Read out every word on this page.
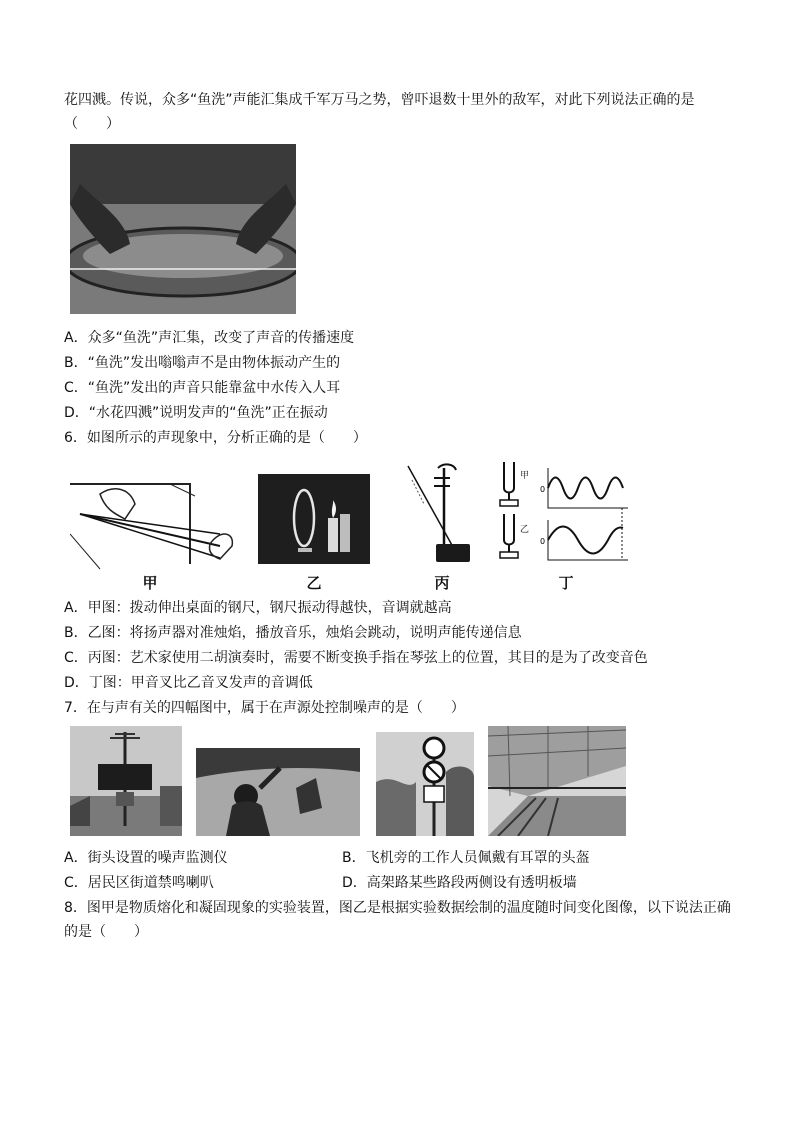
花四溅。传说，众多“鱼洗”声能汇集成千军万马之势，曾吓退数十里外的敌军，对此下列说法正确的是
（　　）
A．众多“鱼洗”声汇集，改变了声音的传播速度
B．“鱼洗”发出嗡嗡声不是由物体振动产生的
C．“鱼洗”发出的声音只能靠盆中水传入人耳
D．“水花四溅”说明发声的“鱼洗”正在振动
6．如图所示的声现象中，分析正确的是（　　）
0
0
甲
乙
甲	乙	丙	丁
A．甲图：拨动伸出桌面的钢尺，钢尺振动得越快，音调就越高
B．乙图：将扬声器对准烛焰，播放音乐，烛焰会跳动，说明声能传递信息
C．丙图：艺术家使用二胡演奏时，需要不断变换手指在琴弦上的位置，其目的是为了改变音色
D．丁图：甲音叉比乙音叉发声的音调低
7．在与声有关的四幅图中，属于在声源处控制噪声的是（　　）
A．街头设置的噪声监测仪	B．飞机旁的工作人员佩戴有耳罩的头盔
C．居民区街道禁鸣喇叭	D．高架路某些路段两侧设有透明板墙
8．图甲是物质熔化和凝固现象的实验装置，图乙是根据实验数据绘制的温度随时间变化图像，以下说法正确
的是（　　）
